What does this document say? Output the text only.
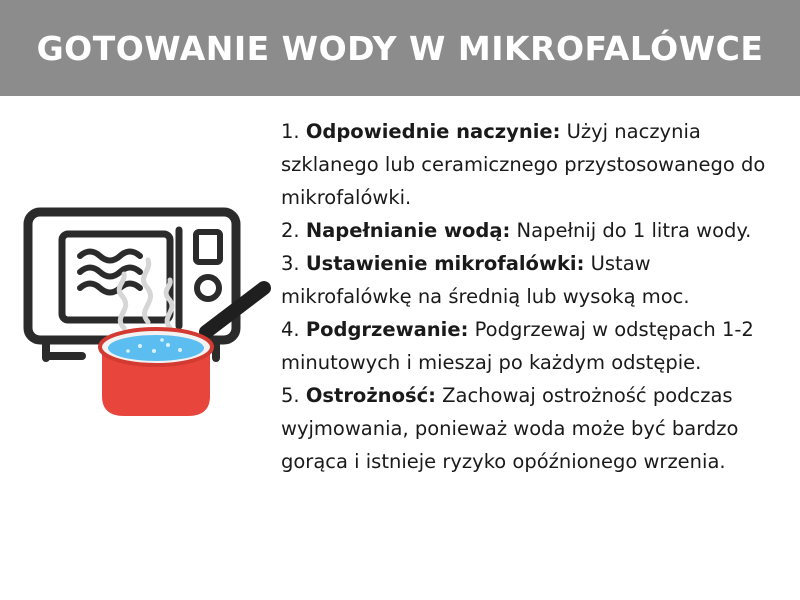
GOTOWANIE WODY W MIKROFALÓWCE

1. Odpowiednie naczynie: Użyj naczynia szklanego lub ceramicznego przystosowanego do mikrofalówki.

2. Napełnianie wodą: Napełnij do 1 litra wody.

3. Ustawienie mikrofalówki: Ustaw mikrofalówkę na średnią lub wysoką moc.

4. Podgrzewanie: Podgrzewaj w odstępach 1-2 minutowych i mieszaj po każdym odstępie.

5. Ostrożność: Zachowaj ostrożność podczas wyjmowania, ponieważ woda może być bardzo gorąca i istnieje ryzyko opóźnionego wrzenia.
